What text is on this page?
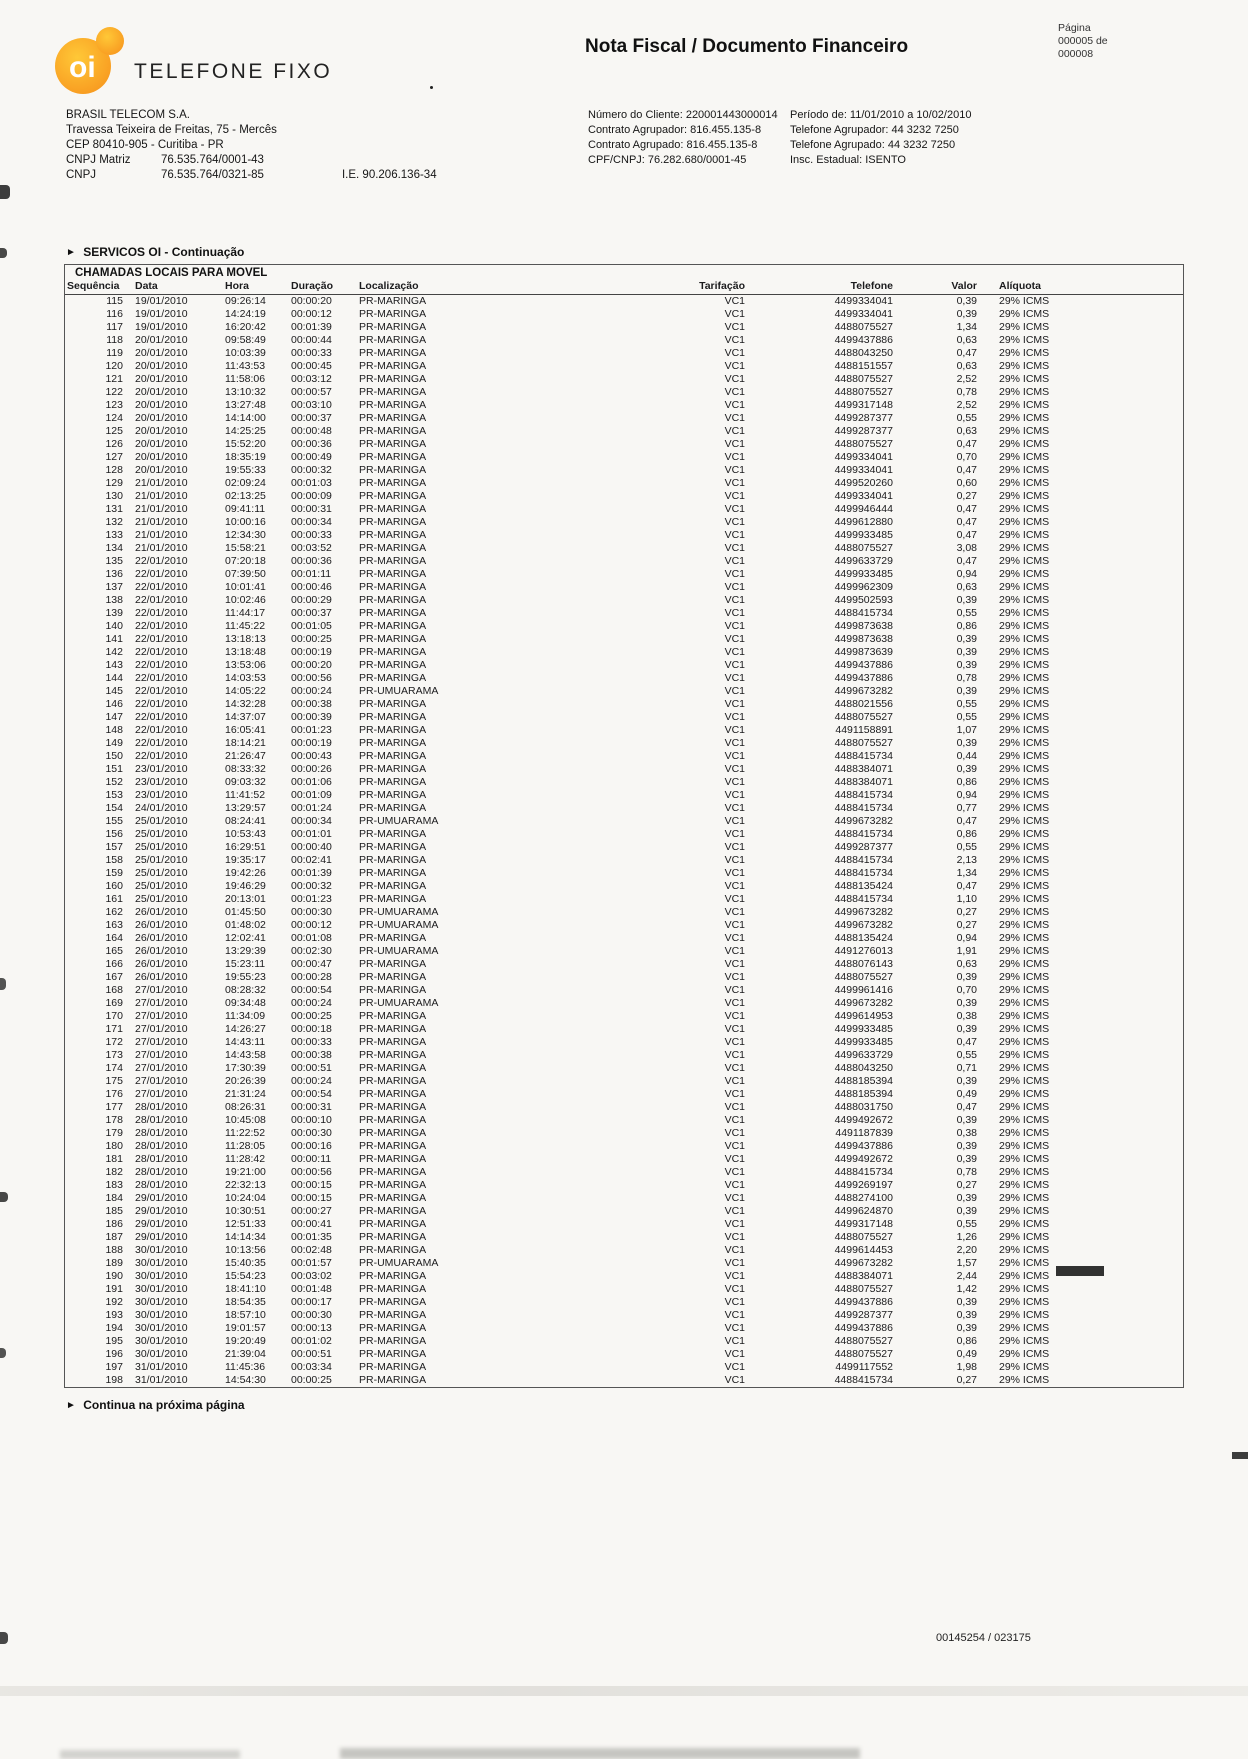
oi TELEFONE FIXO
Nota Fiscal / Documento Financeiro
Página
000005 de
000008
BRASIL TELECOM S.A.
Travessa Teixeira de Freitas, 75 - Mercês
CEP 80410-905 - Curitiba - PR
CNPJ Matriz	76.535.764/0001-43
CNPJ	76.535.764/0321-85	I.E. 90.206.136-34
Número do Cliente: 220001443000014	Período de: 11/01/2010 a 10/02/2010
Contrato Agrupador: 816.455.135-8	Telefone Agrupador: 44 3232 7250
Contrato Agrupado: 816.455.135-8	Telefone Agrupado: 44 3232 7250
CPF/CNPJ: 76.282.680/0001-45	Insc. Estadual: ISENTO
► SERVICOS OI - Continuação
CHAMADAS LOCAIS PARA MOVEL
Sequência	Data	Hora	Duração	Localização	Tarifação	Telefone	Valor	Alíquota
115	19/01/2010	09:26:14	00:00:20	PR-MARINGA	VC1	4499334041	0,39	29% ICMS
116	19/01/2010	14:24:19	00:00:12	PR-MARINGA	VC1	4499334041	0,39	29% ICMS
117	19/01/2010	16:20:42	00:01:39	PR-MARINGA	VC1	4488075527	1,34	29% ICMS
118	20/01/2010	09:58:49	00:00:44	PR-MARINGA	VC1	4499437886	0,63	29% ICMS
119	20/01/2010	10:03:39	00:00:33	PR-MARINGA	VC1	4488043250	0,47	29% ICMS
120	20/01/2010	11:43:53	00:00:45	PR-MARINGA	VC1	4488151557	0,63	29% ICMS
121	20/01/2010	11:58:06	00:03:12	PR-MARINGA	VC1	4488075527	2,52	29% ICMS
122	20/01/2010	13:10:32	00:00:57	PR-MARINGA	VC1	4488075527	0,78	29% ICMS
123	20/01/2010	13:27:48	00:03:10	PR-MARINGA	VC1	4499317148	2,52	29% ICMS
124	20/01/2010	14:14:00	00:00:37	PR-MARINGA	VC1	4499287377	0,55	29% ICMS
125	20/01/2010	14:25:25	00:00:48	PR-MARINGA	VC1	4499287377	0,63	29% ICMS
126	20/01/2010	15:52:20	00:00:36	PR-MARINGA	VC1	4488075527	0,47	29% ICMS
127	20/01/2010	18:35:19	00:00:49	PR-MARINGA	VC1	4499334041	0,70	29% ICMS
128	20/01/2010	19:55:33	00:00:32	PR-MARINGA	VC1	4499334041	0,47	29% ICMS
129	21/01/2010	02:09:24	00:01:03	PR-MARINGA	VC1	4499520260	0,60	29% ICMS
130	21/01/2010	02:13:25	00:00:09	PR-MARINGA	VC1	4499334041	0,27	29% ICMS
131	21/01/2010	09:41:11	00:00:31	PR-MARINGA	VC1	4499946444	0,47	29% ICMS
132	21/01/2010	10:00:16	00:00:34	PR-MARINGA	VC1	4499612880	0,47	29% ICMS
133	21/01/2010	12:34:30	00:00:33	PR-MARINGA	VC1	4499933485	0,47	29% ICMS
134	21/01/2010	15:58:21	00:03:52	PR-MARINGA	VC1	4488075527	3,08	29% ICMS
135	22/01/2010	07:20:18	00:00:36	PR-MARINGA	VC1	4499633729	0,47	29% ICMS
136	22/01/2010	07:39:50	00:01:11	PR-MARINGA	VC1	4499933485	0,94	29% ICMS
137	22/01/2010	10:01:41	00:00:46	PR-MARINGA	VC1	4499962309	0,63	29% ICMS
138	22/01/2010	10:02:46	00:00:29	PR-MARINGA	VC1	4499502593	0,39	29% ICMS
139	22/01/2010	11:44:17	00:00:37	PR-MARINGA	VC1	4488415734	0,55	29% ICMS
140	22/01/2010	11:45:22	00:01:05	PR-MARINGA	VC1	4499873638	0,86	29% ICMS
141	22/01/2010	13:18:13	00:00:25	PR-MARINGA	VC1	4499873638	0,39	29% ICMS
142	22/01/2010	13:18:48	00:00:19	PR-MARINGA	VC1	4499873639	0,39	29% ICMS
143	22/01/2010	13:53:06	00:00:20	PR-MARINGA	VC1	4499437886	0,39	29% ICMS
144	22/01/2010	14:03:53	00:00:56	PR-MARINGA	VC1	4499437886	0,78	29% ICMS
145	22/01/2010	14:05:22	00:00:24	PR-UMUARAMA	VC1	4499673282	0,39	29% ICMS
146	22/01/2010	14:32:28	00:00:38	PR-MARINGA	VC1	4488021556	0,55	29% ICMS
147	22/01/2010	14:37:07	00:00:39	PR-MARINGA	VC1	4488075527	0,55	29% ICMS
148	22/01/2010	16:05:41	00:01:23	PR-MARINGA	VC1	4491158891	1,07	29% ICMS
149	22/01/2010	18:14:21	00:00:19	PR-MARINGA	VC1	4488075527	0,39	29% ICMS
150	22/01/2010	21:26:47	00:00:43	PR-MARINGA	VC1	4488415734	0,44	29% ICMS
151	23/01/2010	08:33:32	00:00:26	PR-MARINGA	VC1	4488384071	0,39	29% ICMS
152	23/01/2010	09:03:32	00:01:06	PR-MARINGA	VC1	4488384071	0,86	29% ICMS
153	23/01/2010	11:41:52	00:01:09	PR-MARINGA	VC1	4488415734	0,94	29% ICMS
154	24/01/2010	13:29:57	00:01:24	PR-MARINGA	VC1	4488415734	0,77	29% ICMS
155	25/01/2010	08:24:41	00:00:34	PR-UMUARAMA	VC1	4499673282	0,47	29% ICMS
156	25/01/2010	10:53:43	00:01:01	PR-MARINGA	VC1	4488415734	0,86	29% ICMS
157	25/01/2010	16:29:51	00:00:40	PR-MARINGA	VC1	4499287377	0,55	29% ICMS
158	25/01/2010	19:35:17	00:02:41	PR-MARINGA	VC1	4488415734	2,13	29% ICMS
159	25/01/2010	19:42:26	00:01:39	PR-MARINGA	VC1	4488415734	1,34	29% ICMS
160	25/01/2010	19:46:29	00:00:32	PR-MARINGA	VC1	4488135424	0,47	29% ICMS
161	25/01/2010	20:13:01	00:01:23	PR-MARINGA	VC1	4488415734	1,10	29% ICMS
162	26/01/2010	01:45:50	00:00:30	PR-UMUARAMA	VC1	4499673282	0,27	29% ICMS
163	26/01/2010	01:48:02	00:00:12	PR-UMUARAMA	VC1	4499673282	0,27	29% ICMS
164	26/01/2010	12:02:41	00:01:08	PR-MARINGA	VC1	4488135424	0,94	29% ICMS
165	26/01/2010	13:29:39	00:02:30	PR-UMUARAMA	VC1	4491276013	1,91	29% ICMS
166	26/01/2010	15:23:11	00:00:47	PR-MARINGA	VC1	4488076143	0,63	29% ICMS
167	26/01/2010	19:55:23	00:00:28	PR-MARINGA	VC1	4488075527	0,39	29% ICMS
168	27/01/2010	08:28:32	00:00:54	PR-MARINGA	VC1	4499961416	0,70	29% ICMS
169	27/01/2010	09:34:48	00:00:24	PR-UMUARAMA	VC1	4499673282	0,39	29% ICMS
170	27/01/2010	11:34:09	00:00:25	PR-MARINGA	VC1	4499614953	0,38	29% ICMS
171	27/01/2010	14:26:27	00:00:18	PR-MARINGA	VC1	4499933485	0,39	29% ICMS
172	27/01/2010	14:43:11	00:00:33	PR-MARINGA	VC1	4499933485	0,47	29% ICMS
173	27/01/2010	14:43:58	00:00:38	PR-MARINGA	VC1	4499633729	0,55	29% ICMS
174	27/01/2010	17:30:39	00:00:51	PR-MARINGA	VC1	4488043250	0,71	29% ICMS
175	27/01/2010	20:26:39	00:00:24	PR-MARINGA	VC1	4488185394	0,39	29% ICMS
176	27/01/2010	21:31:24	00:00:54	PR-MARINGA	VC1	4488185394	0,49	29% ICMS
177	28/01/2010	08:26:31	00:00:31	PR-MARINGA	VC1	4488031750	0,47	29% ICMS
178	28/01/2010	10:45:08	00:00:10	PR-MARINGA	VC1	4499492672	0,39	29% ICMS
179	28/01/2010	11:22:52	00:00:30	PR-MARINGA	VC1	4491187839	0,38	29% ICMS
180	28/01/2010	11:28:05	00:00:16	PR-MARINGA	VC1	4499437886	0,39	29% ICMS
181	28/01/2010	11:28:42	00:00:11	PR-MARINGA	VC1	4499492672	0,39	29% ICMS
182	28/01/2010	19:21:00	00:00:56	PR-MARINGA	VC1	4488415734	0,78	29% ICMS
183	28/01/2010	22:32:13	00:00:15	PR-MARINGA	VC1	4499269197	0,27	29% ICMS
184	29/01/2010	10:24:04	00:00:15	PR-MARINGA	VC1	4488274100	0,39	29% ICMS
185	29/01/2010	10:30:51	00:00:27	PR-MARINGA	VC1	4499624870	0,39	29% ICMS
186	29/01/2010	12:51:33	00:00:41	PR-MARINGA	VC1	4499317148	0,55	29% ICMS
187	29/01/2010	14:14:34	00:01:35	PR-MARINGA	VC1	4488075527	1,26	29% ICMS
188	30/01/2010	10:13:56	00:02:48	PR-MARINGA	VC1	4499614453	2,20	29% ICMS
189	30/01/2010	15:40:35	00:01:57	PR-UMUARAMA	VC1	4499673282	1,57	29% ICMS
190	30/01/2010	15:54:23	00:03:02	PR-MARINGA	VC1	4488384071	2,44	29% ICMS
191	30/01/2010	18:41:10	00:01:48	PR-MARINGA	VC1	4488075527	1,42	29% ICMS
192	30/01/2010	18:54:35	00:00:17	PR-MARINGA	VC1	4499437886	0,39	29% ICMS
193	30/01/2010	18:57:10	00:00:30	PR-MARINGA	VC1	4499287377	0,39	29% ICMS
194	30/01/2010	19:01:57	00:00:13	PR-MARINGA	VC1	4499437886	0,39	29% ICMS
195	30/01/2010	19:20:49	00:01:02	PR-MARINGA	VC1	4488075527	0,86	29% ICMS
196	30/01/2010	21:39:04	00:00:51	PR-MARINGA	VC1	4488075527	0,49	29% ICMS
197	31/01/2010	11:45:36	00:03:34	PR-MARINGA	VC1	4499117552	1,98	29% ICMS
198	31/01/2010	14:54:30	00:00:25	PR-MARINGA	VC1	4488415734	0,27	29% ICMS
► Continua na próxima página
00145254 / 023175
